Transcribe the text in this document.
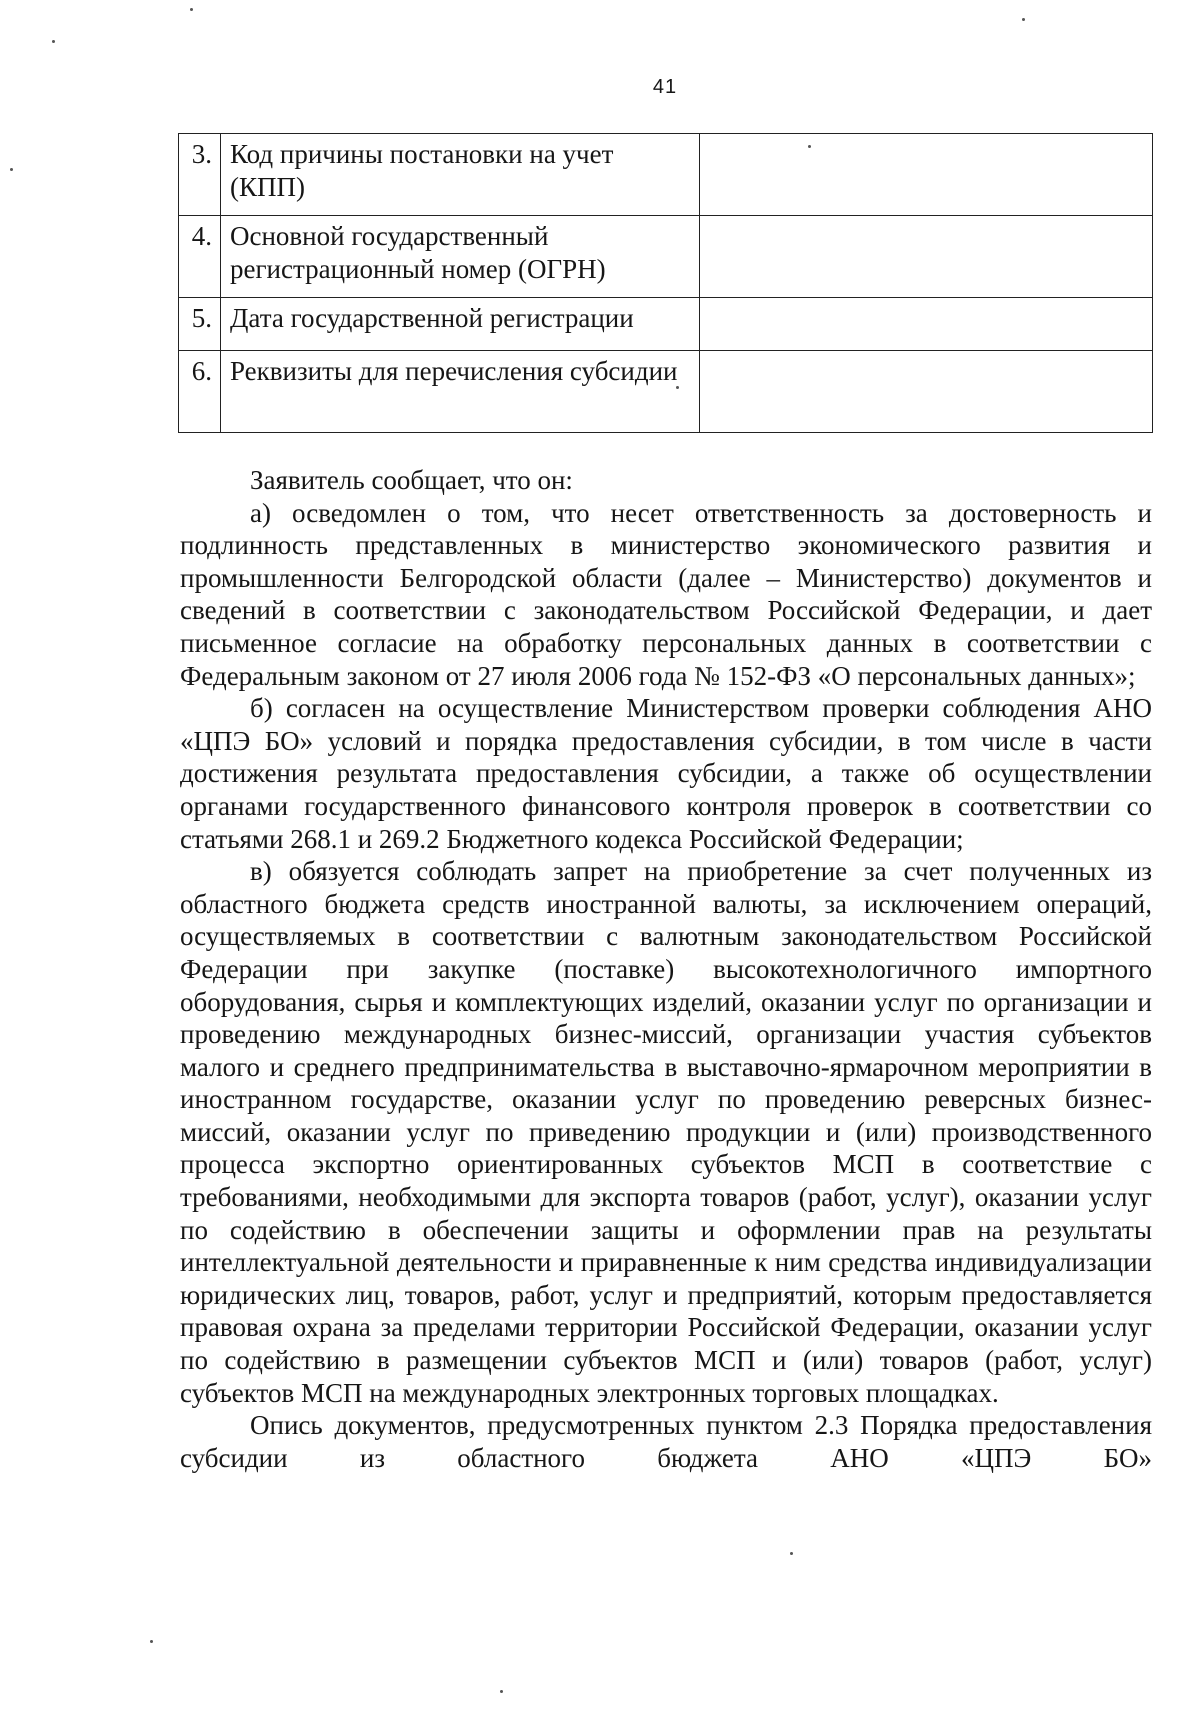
41
3.	Код причины постановки на учет (КПП)	
4.	Основной государственный регистрационный номер (ОГРН)	
5.	Дата государственной регистрации	
6.	Реквизиты для перечисления субсидии	

Заявитель сообщает, что он:

а) осведомлен о том, что несет ответственность за достоверность и подлинность представленных в министерство экономического развития и промышленности Белгородской области (далее – Министерство) документов и сведений в соответствии с законодательством Российской Федерации, и дает письменное согласие на обработку персональных данных в соответствии с Федеральным законом от 27 июля 2006 года № 152-ФЗ «О персональных данных»;

б) согласен на осуществление Министерством проверки соблюдения АНО «ЦПЭ БО» условий и порядка предоставления субсидии, в том числе в части достижения результата предоставления субсидии, а также об осуществлении органами государственного финансового контроля проверок в соответствии со статьями 268.1 и 269.2 Бюджетного кодекса Российской Федерации;

в) обязуется соблюдать запрет на приобретение за счет полученных из областного бюджета средств иностранной валюты, за исключением операций, осуществляемых в соответствии с валютным законодательством Российской Федерации при закупке (поставке) высокотехнологичного импортного оборудования, сырья и комплектующих изделий, оказании услуг по организации и проведению международных бизнес-миссий, организации участия субъектов малого и среднего предпринимательства в выставочно-ярмарочном мероприятии в иностранном государстве, оказании услуг по проведению реверсных бизнес-миссий, оказании услуг по приведению продукции и (или) производственного процесса экспортно ориентированных субъектов МСП в соответствие с требованиями, необходимыми для экспорта товаров (работ, услуг), оказании услуг по содействию в обеспечении защиты и оформлении прав на результаты интеллектуальной деятельности и приравненные к ним средства индивидуализации юридических лиц, товаров, работ, услуг и предприятий, которым предоставляется правовая охрана за пределами территории Российской Федерации, оказании услуг по содействию в размещении субъектов МСП и (или) товаров (работ, услуг) субъектов МСП на международных электронных торговых площадках.

Опись документов, предусмотренных пунктом 2.3 Порядка предоставления субсидии из областного бюджета АНО «ЦПЭ БО»
